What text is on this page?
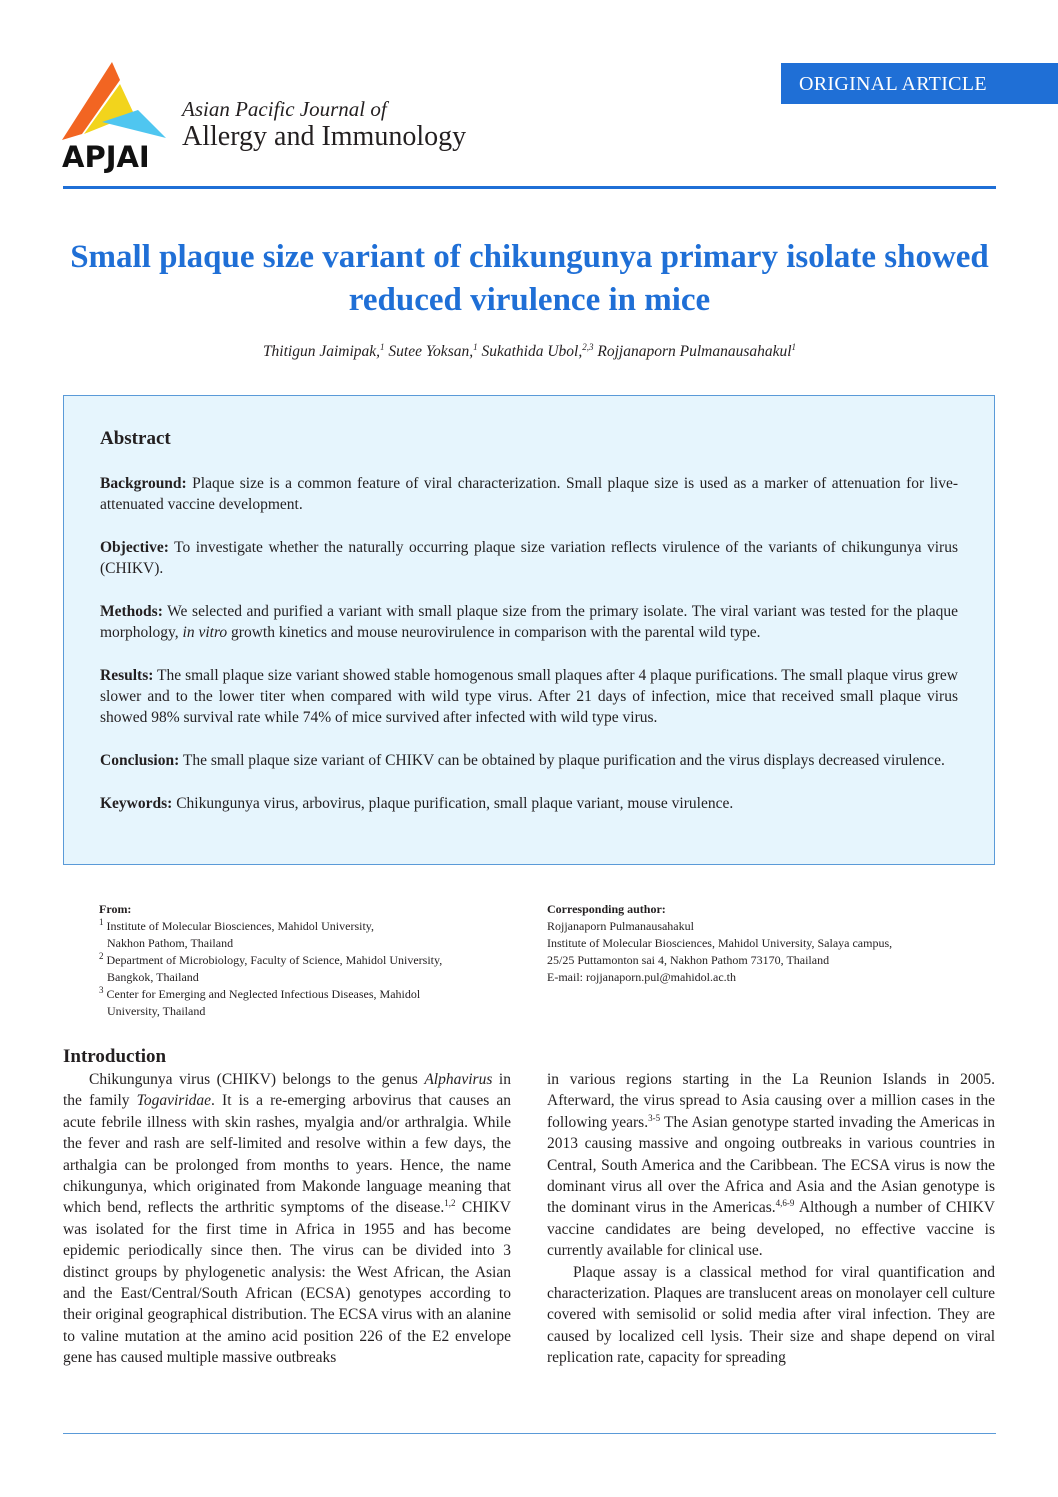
APJAI
Asian Pacific Journal of
Allergy and Immunology
ORIGINAL ARTICLE
Small plaque size variant of chikungunya primary isolate showed reduced virulence in mice
Thitigun Jaimipak,$^1$ Sutee Yoksan,$^1$ Sukathida Ubol,$^{2,3}$ Rojjanaporn Pulmanausahakul$^1$
Abstract

Background: Plaque size is a common feature of viral characterization. Small plaque size is used as a marker of attenuation for live-attenuated vaccine development.

Objective: To investigate whether the naturally occurring plaque size variation reflects virulence of the variants of chikungunya virus (CHIKV).

Methods: We selected and purified a variant with small plaque size from the primary isolate. The viral variant was tested for the plaque morphology, in vitro growth kinetics and mouse neurovirulence in comparison with the parental wild type.

Results: The small plaque size variant showed stable homogenous small plaques after 4 plaque purifications. The small plaque virus grew slower and to the lower titer when compared with wild type virus. After 21 days of infection, mice that received small plaque virus showed 98% survival rate while 74% of mice survived after infected with wild type virus.

Conclusion: The small plaque size variant of CHIKV can be obtained by plaque purification and the virus displays decreased virulence.

Keywords: Chikungunya virus, arbovirus, plaque purification, small plaque variant, mouse virulence.

From:
$^1$ Institute of Molecular Biosciences, Mahidol University,
Nakhon Pathom, Thailand
$^2$ Department of Microbiology, Faculty of Science, Mahidol University,
Bangkok, Thailand
$^3$ Center for Emerging and Neglected Infectious Diseases, Mahidol
University, Thailand
Corresponding author:
Rojjanaporn Pulmanausahakul
Institute of Molecular Biosciences, Mahidol University, Salaya campus,
25/25 Puttamonton sai 4, Nakhon Pathom 73170, Thailand
E-mail: rojjanaporn.pul@mahidol.ac.th
Introduction

Chikungunya virus (CHIKV) belongs to the genus Alphavirus in the family Togaviridae. It is a re-emerging arbovirus that causes an acute febrile illness with skin rashes, myalgia and/or arthralgia. While the fever and rash are self-limited and resolve within a few days, the arthalgia can be prolonged from months to years. Hence, the name chikungunya, which originated from Makonde language meaning that which bend, reflects the arthritic symptoms of the disease.$^{1,2}$ CHIKV was isolated for the first time in Africa in 1955 and has become epidemic periodically since then. The virus can be divided into 3 distinct groups by phylogenetic analysis: the West African, the Asian and the East/Central/South African (ECSA) genotypes according to their original geographical distribution. The ECSA virus with an alanine to valine mutation at the amino acid position 226 of the E2 envelope gene has caused multiple massive outbreaks

in various regions starting in the La Reunion Islands in 2005. Afterward, the virus spread to Asia causing over a million cases in the following years.$^{3-5}$ The Asian genotype started invading the Americas in 2013 causing massive and ongoing outbreaks in various countries in Central, South America and the Caribbean. The ECSA virus is now the dominant virus all over the Africa and Asia and the Asian genotype is the dominant virus in the Americas.$^{4,6-9}$ Although a number of CHIKV vaccine candidates are being developed, no effective vaccine is currently available for clinical use.

Plaque assay is a classical method for viral quantification and characterization. Plaques are translucent areas on monolayer cell culture covered with semisolid or solid media after viral infection. They are caused by localized cell lysis. Their size and shape depend on viral replication rate, capacity for spreading
